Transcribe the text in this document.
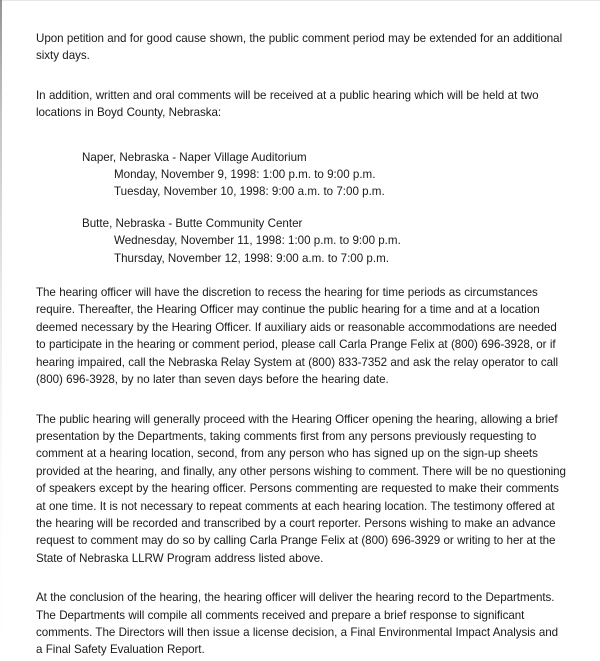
Upon petition and for good cause shown, the public comment period may be extended for an additional sixty days.

In addition, written and oral comments will be received at a public hearing which will be held at two locations in Boyd County, Nebraska:

Naper, Nebraska - Naper Village Auditorium

Monday, November 9, 1998: 1:00 p.m. to 9:00 p.m.

Tuesday, November 10, 1998: 9:00 a.m. to 7:00 p.m.

Butte, Nebraska - Butte Community Center

Wednesday, November 11, 1998: 1:00 p.m. to 9:00 p.m.

Thursday, November 12, 1998: 9:00 a.m. to 7:00 p.m.

The hearing officer will have the discretion to recess the hearing for time periods as circumstances require. Thereafter, the Hearing Officer may continue the public hearing for a time and at a location deemed necessary by the Hearing Officer. If auxiliary aids or reasonable accommodations are needed to participate in the hearing or comment period, please call Carla Prange Felix at (800) 696-3928, or if hearing impaired, call the Nebraska Relay System at (800) 833-7352 and ask the relay operator to call (800) 696-3928, by no later than seven days before the hearing date.

The public hearing will generally proceed with the Hearing Officer opening the hearing, allowing a brief presentation by the Departments, taking comments first from any persons previously requesting to comment at a hearing location, second, from any person who has signed up on the sign-up sheets provided at the hearing, and finally, any other persons wishing to comment. There will be no questioning of speakers except by the hearing officer. Persons commenting are requested to make their comments at one time. It is not necessary to repeat comments at each hearing location. The testimony offered at the hearing will be recorded and transcribed by a court reporter. Persons wishing to make an advance request to comment may do so by calling Carla Prange Felix at (800) 696-3929 or writing to her at the State of Nebraska LLRW Program address listed above.

At the conclusion of the hearing, the hearing officer will deliver the hearing record to the Departments. The Departments will compile all comments received and prepare a brief response to significant comments. The Directors will then issue a license decision, a Final Environmental Impact Analysis and a Final Safety Evaluation Report.
